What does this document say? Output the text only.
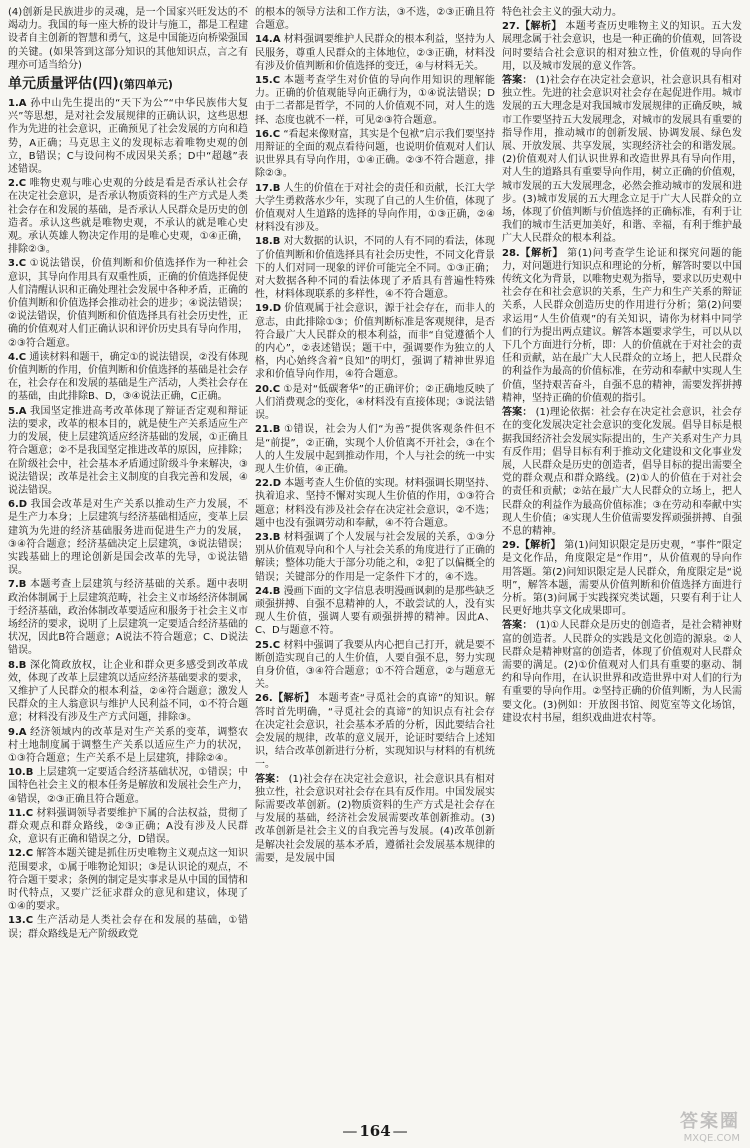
(4)创新是民族进步的灵魂，是一个国家兴旺发达的不竭动力。我国的每一座大桥的设计与施工，都是工程建设者自主创新的智慧和勇气，这是中国能迈向桥梁强国的关键。(如果答到这部分知识的其他知识点，言之有理亦可适当给分)

单元质量评估(四)(第四单元)

1.A 孙中山先生提出的“天下为公”“中华民族伟大复兴”等思想，是对社会发展规律的正确认识，这些思想作为先进的社会意识，正确预见了社会发展的方向和趋势，A正确；马克思主义的发现标志着唯物史观的创立，B错误；C与设问构不成因果关系；D中“超越”表述错误。

2.C 唯物史观与唯心史观的分歧是看是否承认社会存在决定社会意识，是否承认物质资料的生产方式是人类社会存在和发展的基础，是否承认人民群众是历史的创造者。承认这些就是唯物史观，不承认的就是唯心史观。承认英雄人物决定作用的是唯心史观，①④正确，排除②③。

3.C ①说法错误，价值判断和价值选择作为一种社会意识，其导向作用具有双重性质，正确的价值选择促使人们清醒认识和正确处理社会发展中各种矛盾，正确的价值判断和价值选择会推动社会的进步；④说法错误；②说法错误，价值判断和价值选择具有社会历史性，正确的价值观对人们正确认识和评价历史具有导向作用，②③符合题意。

4.C 通读材料和题干，确定①的说法错误，②没有体现价值判断的作用，价值判断和价值选择的基础是社会存在，社会存在和发展的基础是生产活动，人类社会存在的基础，由此排除B、D，③④说法正确，C正确。

5.A 我国坚定推进高考改革体现了辩证否定观和辩证法的要求，改革的根本目的，就是使生产关系适应生产力的发展，使上层建筑适应经济基础的发展，①正确且符合题意；②不是我国坚定推进改革的原因，应排除；在阶级社会中，社会基本矛盾通过阶级斗争来解决，③说法错误；改革是社会主义制度的自我完善和发展，④说法错误。

6.D 我国会改革是对生产关系以推动生产力发展，不是生产力本身；上层建筑与经济基础相适应，变革上层建筑为先进的经济基础服务进而促进生产力的发展，③④符合题意；经济基础决定上层建筑，③说法错误；实践基础上的理论创新是国会改革的先导，①说法错误。

7.B 本题考查上层建筑与经济基础的关系。题中表明政治体制属于上层建筑范畴，社会主义市场经济体制属于经济基础，政治体制改革要适应和服务于社会主义市场经济的要求，说明了上层建筑一定要适合经济基础的状况，因此B符合题意；A说法不符合题意；C、D说法错误。

8.B 深化简政放权，让企业和群众更多感受到改革成效，体现了改革上层建筑以适应经济基础要求的要求，又维护了人民群众的根本利益，②④符合题意；激发人民群众的主人翁意识与维护人民利益不同，①不符合题意；材料没有涉及生产方式问题，排除③。

9.A 经济领域内的改革是对生产关系的变革，调整农村土地制度属于调整生产关系以适应生产力的状况，①③符合题意；生产关系不是上层建筑，排除②④。

10.B 上层建筑一定要适合经济基础状况，①错误；中国特色社会主义的根本任务是解放和发展社会生产力，④错误，②③正确且符合题意。

11.C 材料强调领导者要维护下属的合法权益，贯彻了群众观点和群众路线，②③正确；A没有涉及人民群众，意识有正确和错误之分，D错误。

12.C 解答本题关键是抓住历史唯物主义观点这一知识范围要求，①属于唯物论知识；③是认识论的观点，不符合题干要求；条例的制定是实事求是从中国的国情和时代特点，又要广泛征求群众的意见和建议，体现了①④的要求。

13.C 生产活动是人类社会存在和发展的基础，①错误；群众路线是无产阶级政党

的根本的领导方法和工作方法，③不选，②③正确且符合题意。

14.A 材料强调要维护人民群众的根本利益，坚持为人民服务，尊重人民群众的主体地位，②③正确，材料没有涉及价值判断和价值选择的变迁，④与材料无关。

15.C 本题考查学生对价值的导向作用知识的理解能力。正确的价值观能导向正确行为，①④说法错误；D由于二者都是哲学，不同的人价值观不同，对人生的选择、态度也就不一样，可见②③符合题意。

16.C “看起来像财富，其实是个包袱”启示我们要坚持用辩证的全面的观点看待问题，也说明价值观对人们认识世界具有导向作用，①④正确。②③不符合题意，排除②③。

17.B 人生的价值在于对社会的责任和贡献，长江大学大学生勇救落水少年，实现了自己的人生价值，体现了价值观对人生道路的选择的导向作用，①③正确，②④材料没有涉及。

18.B 对大数据的认识，不同的人有不同的看法，体现了价值判断和价值选择具有社会历史性，不同文化背景下的人们对同一现象的评价可能完全不同。①③正确；对大数据各种不同的看法体现了矛盾具有普遍性特殊性，材料体现联系的多样性，④不符合题意。

19.D 价值观属于社会意识，源于社会存在，而非人的意志，由此排除①③；价值判断标准是客观规律，是否符合最广大人民群众的根本利益，而非“自觉遵循个人的内心”，②表述错误；题干中，强调要作为独立的人格，内心始终含着“良知”的明灯，强调了精神世界追求和价值导向作用，④符合题意。

20.C ①是对“低碳奢华”的正确评价；②正确地反映了人们消费观念的变化，④材料没有直接体现；③说法错误。

21.B ①错误，社会为人们“为善”提供客观条件但不是“前提”，②正确，实现个人价值离不开社会，③在个人的人生发展中起到推动作用，个人与社会的统一中实现人生价值，④正确。

22.D 本题考查人生价值的实现。材料强调长期坚持、执着追求、坚持不懈对实现人生价值的作用，①③符合题意；材料没有涉及社会存在决定社会意识，②不选；题中也没有强调劳动和奉献，④不符合题意。

23.B 材料强调了个人发展与社会发展的关系，①③分别从价值观导向和个人与社会关系的角度进行了正确的解读；整体功能大于部分功能之和，②犯了以偏概全的错误；关键部分的作用是一定条件下才的，④不选。

24.B 漫画下面的文字信息表明漫画讽刺的是那些缺乏顽强拼搏、自强不息精神的人，不敢尝试的人，没有实现人生价值，强调人要有顽强拼搏的精神。因此A、C、D与题意不符。

25.C 材料中强调了我要从内心把自己打开，就是要不断创造实现自己的人生价值，人要自强不息，努力实现自身价值，③④符合题意；①不符合题意，②与题意无关。

26.【解析】 本题考查“寻觅社会的真谛”的知识。解答时首先明确，“寻觅社会的真谛”的知识点有社会存在决定社会意识，社会基本矛盾的分析，因此要结合社会发展的规律，改革的意义展开，论证时要结合上述知识，结合改革创新进行分析，实现知识与材料的有机统一。

答案： (1)社会存在决定社会意识，社会意识具有相对独立性，社会意识对社会存在具有反作用。中国发展实际需要改革创新。(2)物质资料的生产方式是社会存在与发展的基础，经济社会发展需要改革创新推动。(3)改革创新是社会主义的自我完善与发展。(4)改革创新是解决社会发展的基本矛盾，遵循社会发展基本规律的需要，是发展中国

特色社会主义的强大动力。

27.【解析】 本题考查历史唯物主义的知识。五大发展理念属于社会意识，也是一种正确的价值观，回答设问时要结合社会意识的相对独立性，价值观的导向作用，以及城市发展的意义作答。

答案： (1)社会存在决定社会意识，社会意识具有相对独立性。先进的社会意识对社会存在起促进作用。城市发展的五大理念是对我国城市发展规律的正确反映，城市工作要坚持五大发展理念，对城市的发展具有重要的指导作用，推动城市的创新发展、协调发展、绿色发展、开放发展、共享发展，实现经济社会的和谐发展。(2)价值观对人们认识世界和改造世界具有导向作用，对人生的道路具有重要导向作用，树立正确的价值观，城市发展的五大发展理念，必然会推动城市的发展和进步。(3)城市发展的五大理念立足于广大人民群众的立场，体现了价值判断与价值选择的正确标准，有利于让我们的城市生活更加美好，和谐、幸福，有利于维护最广大人民群众的根本利益。

28.【解析】 第(1)问考查学生论证和探究问题的能力，对问题进行知识点和理论的分析，解答时要以中国传统文化为背景，以唯物史观为指导，要求以历史观中社会存在和社会意识的关系，生产力和生产关系的辩证关系，人民群众创造历史的作用进行分析；第(2)问要求运用“人生价值观”的有关知识，请你为材料中同学们的行为提出两点建议。解答本题要求学生，可以从以下几个方面进行分析，即：人的价值就在于对社会的责任和贡献，站在最广大人民群众的立场上，把人民群众的利益作为最高的价值标准，在劳动和奉献中实现人生价值，坚持艰苦奋斗，自强不息的精神，需要发挥拼搏精神，坚持正确的价值观的指引。

答案： (1)理论依据：社会存在决定社会意识，社会存在的变化发展决定社会意识的变化发展。倡导目标是根据我国经济社会发展实际提出的，生产关系对生产力具有反作用；倡导目标有利于推动文化建设和文化事业发展，人民群众是历史的创造者，倡导目标的提出需要全党的群众观点和群众路线。(2)①人的价值在于对社会的责任和贡献；②站在最广大人民群众的立场上，把人民群众的利益作为最高价值标准；③在劳动和奉献中实现人生价值；④实现人生价值需要发挥顽强拼搏、自强不息的精神。

29.【解析】 第(1)问知识限定是历史观，“事件”限定是文化作品，角度限定是“作用”，从价值观的导向作用答题。第(2)问知识限定是人民群众，角度限定是“说明”，解答本题，需要从价值判断和价值选择方面进行分析。第(3)问属于实践探究类试题，只要有利于让人民更好地共享文化成果即可。

答案： (1)①人民群众是历史的创造者，是社会精神财富的创造者。人民群众的实践是文化创造的源泉。②人民群众是精神财富的创造者，体现了价值观对人民群众需要的满足。(2)①价值观对人们具有重要的驱动、制约和导向作用，在认识世界和改造世界中对人们的行为有重要的导向作用。②坚持正确的价值判断，为人民需要文化。(3)例如：开放图书馆、阅览室等文化场馆，建设农村书屋，组织戏曲进农村等。

— 164 —	答案圈
MXQE.COM
